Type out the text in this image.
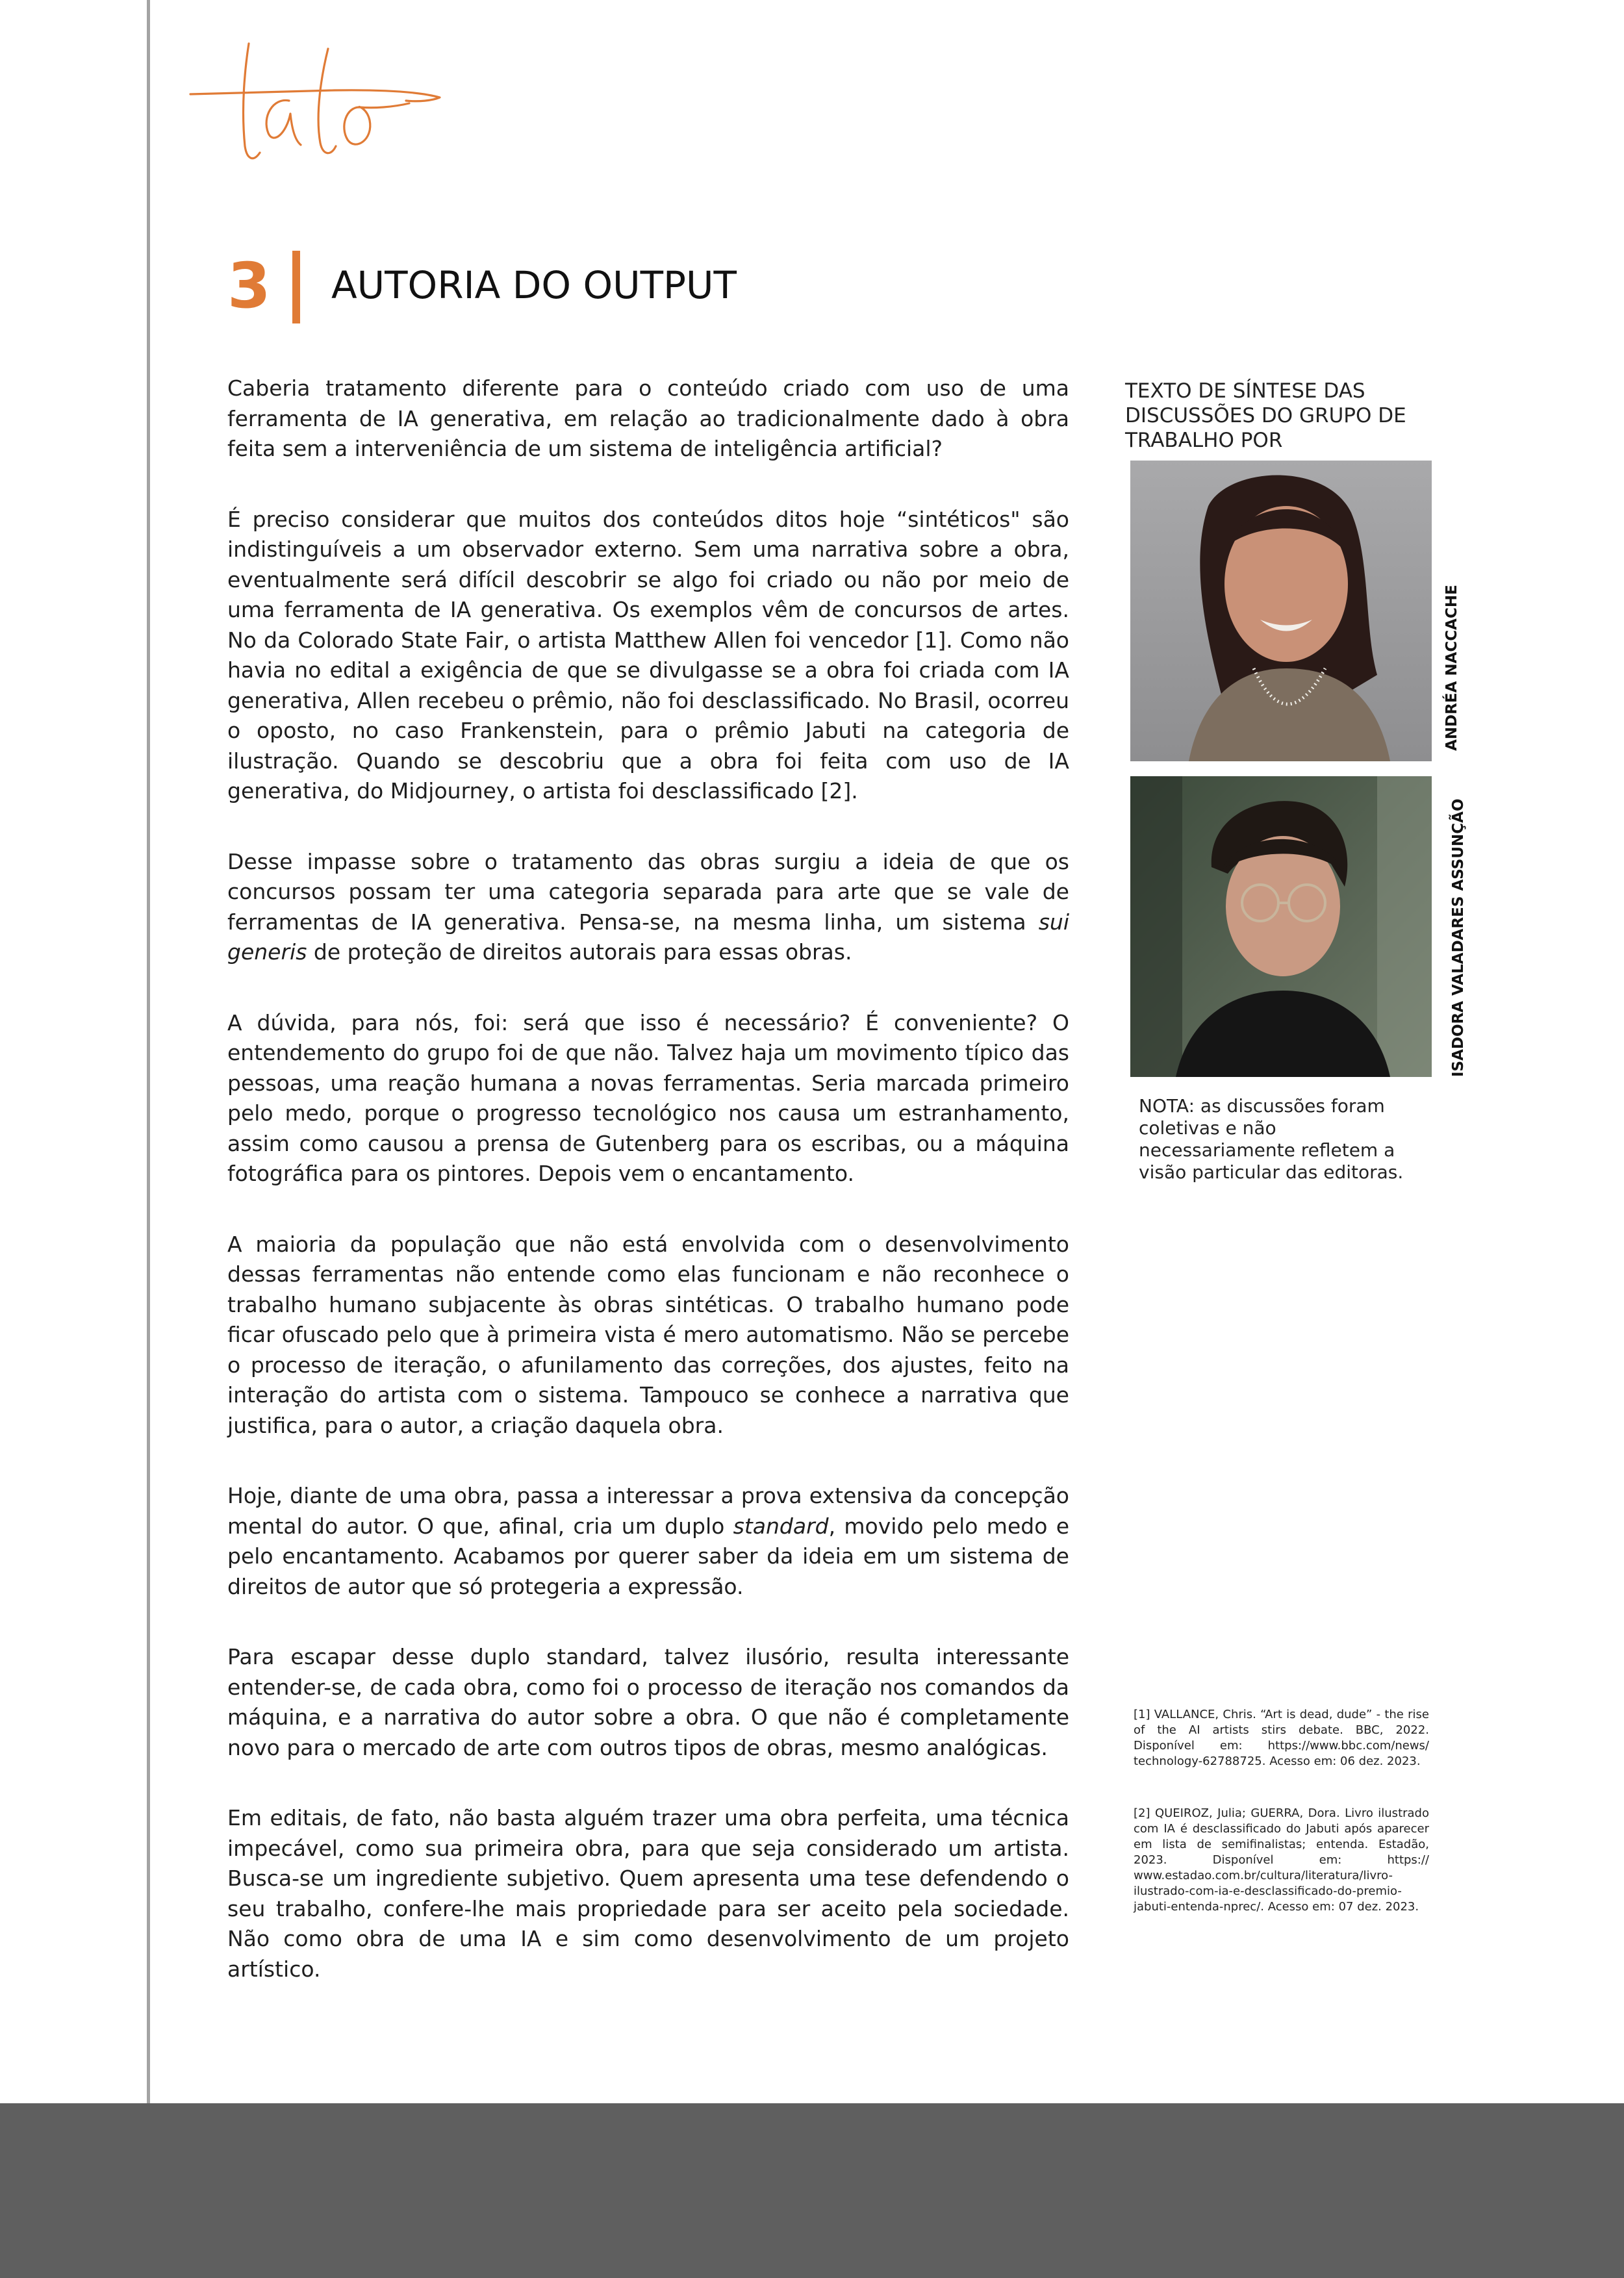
3 AUTORIA DO OUTPUT

Caberia tratamento diferente para o conteúdo criado com uso de uma ferramenta de IA generativa, em relação ao tradicionalmente dado à obra feita sem a interveniência de um sistema de inteligência artificial?

É preciso considerar que muitos dos conteúdos ditos hoje “sintéticos" são indistinguíveis a um observador externo. Sem uma narrativa sobre a obra, eventualmente será difícil descobrir se algo foi criado ou não por meio de uma ferramenta de IA generativa. Os exemplos vêm de concursos de artes. No da Colorado State Fair, o artista Matthew Allen foi vencedor [1]. Como não havia no edital a exigência de que se divulgasse se a obra foi criada com IA generativa, Allen recebeu o prêmio, não foi desclassificado. No Brasil, ocorreu o oposto, no caso Frankenstein, para o prêmio Jabuti na categoria de ilustração. Quando se descobriu que a obra foi feita com uso de IA generativa, do Midjourney, o artista foi desclassificado [2].

Desse impasse sobre o tratamento das obras surgiu a ideia de que os concursos possam ter uma categoria separada para arte que se vale de ferramentas de IA generativa. Pensa-se, na mesma linha, um sistema sui generis de proteção de direitos autorais para essas obras.

A dúvida, para nós, foi: será que isso é necessário? É conveniente? O entendemento do grupo foi de que não. Talvez haja um movimento típico das pessoas, uma reação humana a novas ferramentas. Seria marcada primeiro pelo medo, porque o progresso tecnológico nos causa um estranhamento, assim como causou a prensa de Gutenberg para os escribas, ou a máquina fotográfica para os pintores. Depois vem o encantamento.

A maioria da população que não está envolvida com o desenvolvimento dessas ferramentas não entende como elas funcionam e não reconhece o trabalho humano subjacente às obras sintéticas. O trabalho humano pode ficar ofuscado pelo que à primeira vista é mero automatismo. Não se percebe o processo de iteração, o afunilamento das correções, dos ajustes, feito na interação do artista com o sistema. Tampouco se conhece a narrativa que justifica, para o autor, a criação daquela obra.

Hoje, diante de uma obra, passa a interessar a prova extensiva da concepção mental do autor. O que, afinal, cria um duplo standard, movido pelo medo e pelo encantamento. Acabamos por querer saber da ideia em um sistema de direitos de autor que só protegeria a expressão.

Para escapar desse duplo standard, talvez ilusório, resulta interessante entender-se, de cada obra, como foi o processo de iteração nos comandos da máquina, e a narrativa do autor sobre a obra. O que não é completamente novo para o mercado de arte com outros tipos de obras, mesmo analógicas.

Em editais, de fato, não basta alguém trazer uma obra perfeita, uma técnica impecável, como sua primeira obra, para que seja considerado um artista. Busca-se um ingrediente subjetivo. Quem apresenta uma tese defendendo o seu trabalho, confere-lhe mais propriedade para ser aceito pela sociedade. Não como obra de uma IA e sim como desenvolvimento de um projeto artístico.

TEXTO DE SÍNTESE DAS DISCUSSÕES DO GRUPO DE TRABALHO POR
ANDRÉA NACCACHE
ISADORA VALADARES ASSUNÇÃO
NOTA: as discussões foram coletivas e não necessariamente refletem a visão particular das editoras.
[1] VALLANCE, Chris. “Art is dead, dude” - the rise of the AI artists stirs debate. BBC, 2022. Disponível em: https://www.bbc.com/news/ technology-62788725. Acesso em: 06 dez. 2023.
[2] QUEIROZ, Julia; GUERRA, Dora. Livro ilustrado com IA é desclassificado do Jabuti após aparecer em lista de semifinalistas; entenda. Estadão, 2023. Disponível em: https:// www.estadao.com.br/cultura/literatura/livro-ilustrado-com-ia-e-desclassificado-do-premio-jabuti-entenda-nprec/. Acesso em: 07 dez. 2023.
